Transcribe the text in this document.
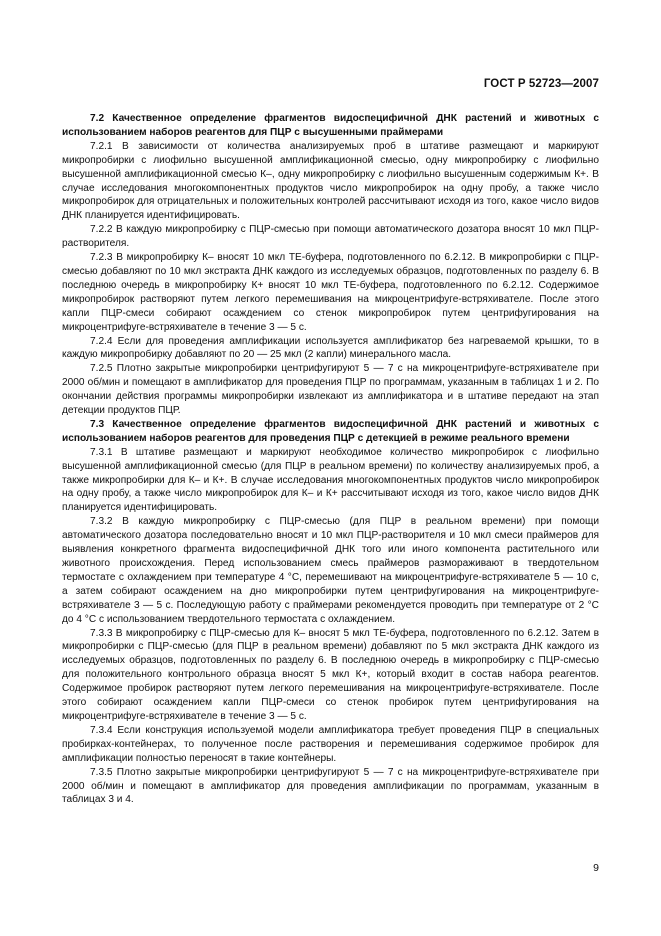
ГОСТ Р 52723—2007

7.2 Качественное определение фрагментов видоспецифичной ДНК растений и животных с использованием наборов реагентов для ПЦР с высушенными праймерами

7.2.1 В зависимости от количества анализируемых проб в штативе размещают и маркируют микропробирки с лиофильно высушенной амплификационной смесью, одну микропробирку с лиофильно высушенной амплификационной смесью К–, одну микропробирку с лиофильно высушенным содержимым К+. В случае исследования многокомпонентных продуктов число микропробирок на одну пробу, а также число микропробирок для отрицательных и положительных контролей рассчитывают исходя из того, какое число видов ДНК планируется идентифицировать.

7.2.2 В каждую микропробирку с ПЦР-смесью при помощи автоматического дозатора вносят 10 мкл ПЦР-растворителя.

7.2.3 В микропробирку К– вносят 10 мкл ТЕ-буфера, подготовленного по 6.2.12. В микропробирки с ПЦР-смесью добавляют по 10 мкл экстракта ДНК каждого из исследуемых образцов, подготовленных по разделу 6. В последнюю очередь в микропробирку К+ вносят 10 мкл ТЕ-буфера, подготовленного по 6.2.12. Содержимое микропробирок растворяют путем легкого перемешивания на микроцентрифуге-встряхивателе. После этого капли ПЦР-смеси собирают осаждением со стенок микропробирок путем центрифугирования на микроцентрифуге-встряхивателе в течение 3 — 5 с.

7.2.4 Если для проведения амплификации используется амплификатор без нагреваемой крышки, то в каждую микропробирку добавляют по 20 — 25 мкл (2 капли) минерального масла.

7.2.5 Плотно закрытые микропробирки центрифугируют 5 — 7 с на микроцентрифуге-встряхивателе при 2000 об/мин и помещают в амплификатор для проведения ПЦР по программам, указанным в таблицах 1 и 2. По окончании действия программы микропробирки извлекают из амплификатора и в штативе передают на этап детекции продуктов ПЦР.

7.3 Качественное определение фрагментов видоспецифичной ДНК растений и животных с использованием наборов реагентов для проведения ПЦР с детекцией в режиме реального времени

7.3.1 В штативе размещают и маркируют необходимое количество микропробирок с лиофильно высушенной амплификационной смесью (для ПЦР в реальном времени) по количеству анализируемых проб, а также микропробирки для К– и К+. В случае исследования многокомпонентных продуктов число микропробирок на одну пробу, а также число микропробирок для К– и К+ рассчитывают исходя из того, какое число видов ДНК планируется идентифицировать.

7.3.2 В каждую микропробирку с ПЦР-смесью (для ПЦР в реальном времени) при помощи автоматического дозатора последовательно вносят и 10 мкл ПЦР-растворителя и 10 мкл смеси праймеров для выявления конкретного фрагмента видоспецифичной ДНК того или иного компонента растительного или животного происхождения. Перед использованием смесь праймеров размораживают в твердотельном термостате с охлаждением при температуре 4 °С, перемешивают на микроцентрифуге-встряхивателе 5 — 10 с, а затем собирают осаждением на дно микропробирки путем центрифугирования на микроцентрифуге-встряхивателе 3 — 5 с. Последующую работу с праймерами рекомендуется проводить при температуре от 2 °С до 4 °С с использованием твердотельного термостата с охлаждением.

7.3.3 В микропробирку с ПЦР-смесью для К– вносят 5 мкл ТЕ-буфера, подготовленного по 6.2.12. Затем в микропробирки с ПЦР-смесью (для ПЦР в реальном времени) добавляют по 5 мкл экстракта ДНК каждого из исследуемых образцов, подготовленных по разделу 6. В последнюю очередь в микропробирку с ПЦР-смесью для положительного контрольного образца вносят 5 мкл К+, который входит в состав набора реагентов. Содержимое пробирок растворяют путем легкого перемешивания на микроцентрифуге-встряхивателе. После этого собирают осаждением капли ПЦР-смеси со стенок пробирок путем центрифугирования на микроцентрифуге-встряхивателе в течение 3 — 5 с.

7.3.4 Если конструкция используемой модели амплификатора требует проведения ПЦР в специальных пробирках-контейнерах, то полученное после растворения и перемешивания содержимое пробирок для амплификации полностью переносят в такие контейнеры.

7.3.5 Плотно закрытые микропробирки центрифугируют 5 — 7 с на микроцентрифуге-встряхивателе при 2000 об/мин и помещают в амплификатор для проведения амплификации по программам, указанным в таблицах 3 и 4.

9
